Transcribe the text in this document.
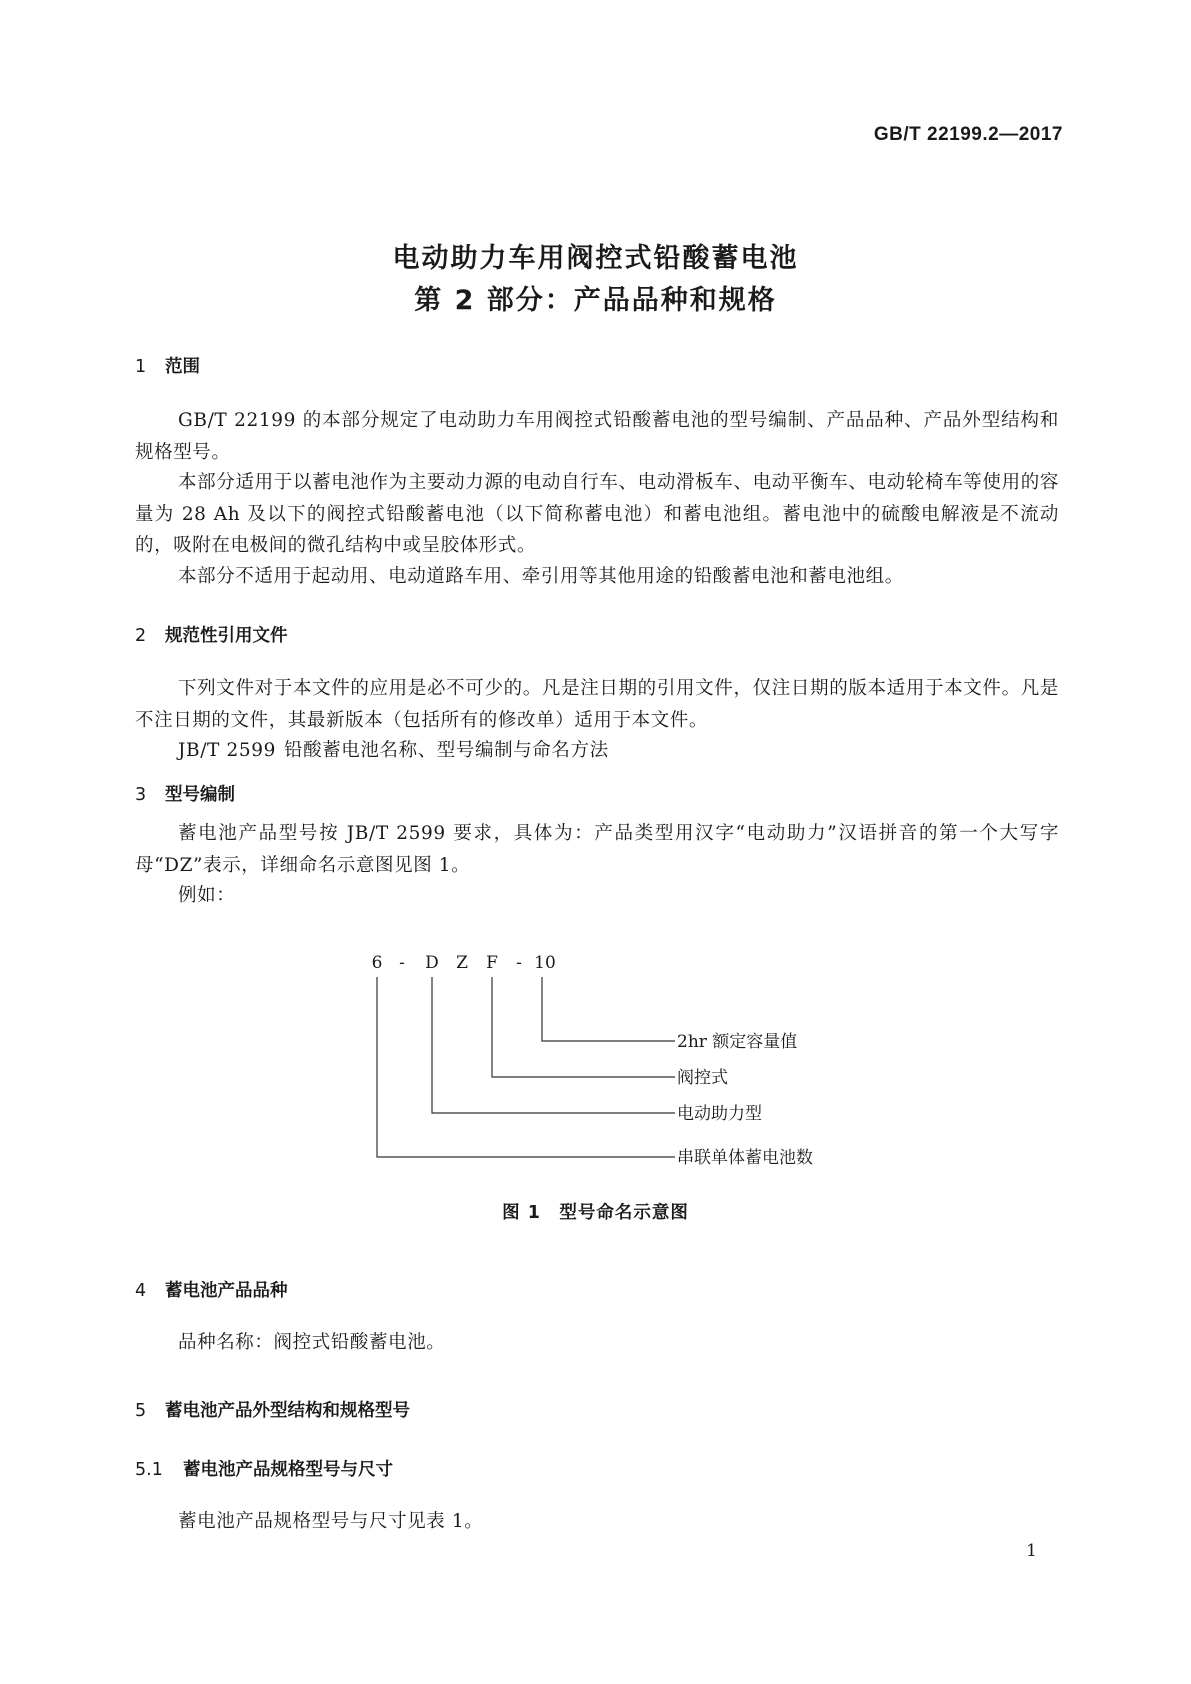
GB/T 22199.2—2017
电动助力车用阀控式铅酸蓄电池
第 2 部分：产品品种和规格
1 范围
GB/T 22199 的本部分规定了电动助力车用阀控式铅酸蓄电池的型号编制、产品品种、产品外型结构和规格型号。
本部分适用于以蓄电池作为主要动力源的电动自行车、电动滑板车、电动平衡车、电动轮椅车等使用的容量为 28 Ah 及以下的阀控式铅酸蓄电池（以下简称蓄电池）和蓄电池组。蓄电池中的硫酸电解液是不流动的，吸附在电极间的微孔结构中或呈胶体形式。
本部分不适用于起动用、电动道路车用、牵引用等其他用途的铅酸蓄电池和蓄电池组。
2 规范性引用文件
下列文件对于本文件的应用是必不可少的。凡是注日期的引用文件，仅注日期的版本适用于本文件。凡是不注日期的文件，其最新版本（包括所有的修改单）适用于本文件。
JB/T 2599 铅酸蓄电池名称、型号编制与命名方法
3 型号编制
蓄电池产品型号按 JB/T 2599 要求，具体为：产品类型用汉字“电动助力”汉语拼音的第一个大写字母“DZ”表示，详细命名示意图见图 1。
例如：
6 - D Z F - 10
2hr 额定容量值
阀控式
电动助力型
串联单体蓄电池数
图 1　型号命名示意图
4 蓄电池产品品种
品种名称：阀控式铅酸蓄电池。
5 蓄电池产品外型结构和规格型号
5.1 蓄电池产品规格型号与尺寸
蓄电池产品规格型号与尺寸见表 1。
1
